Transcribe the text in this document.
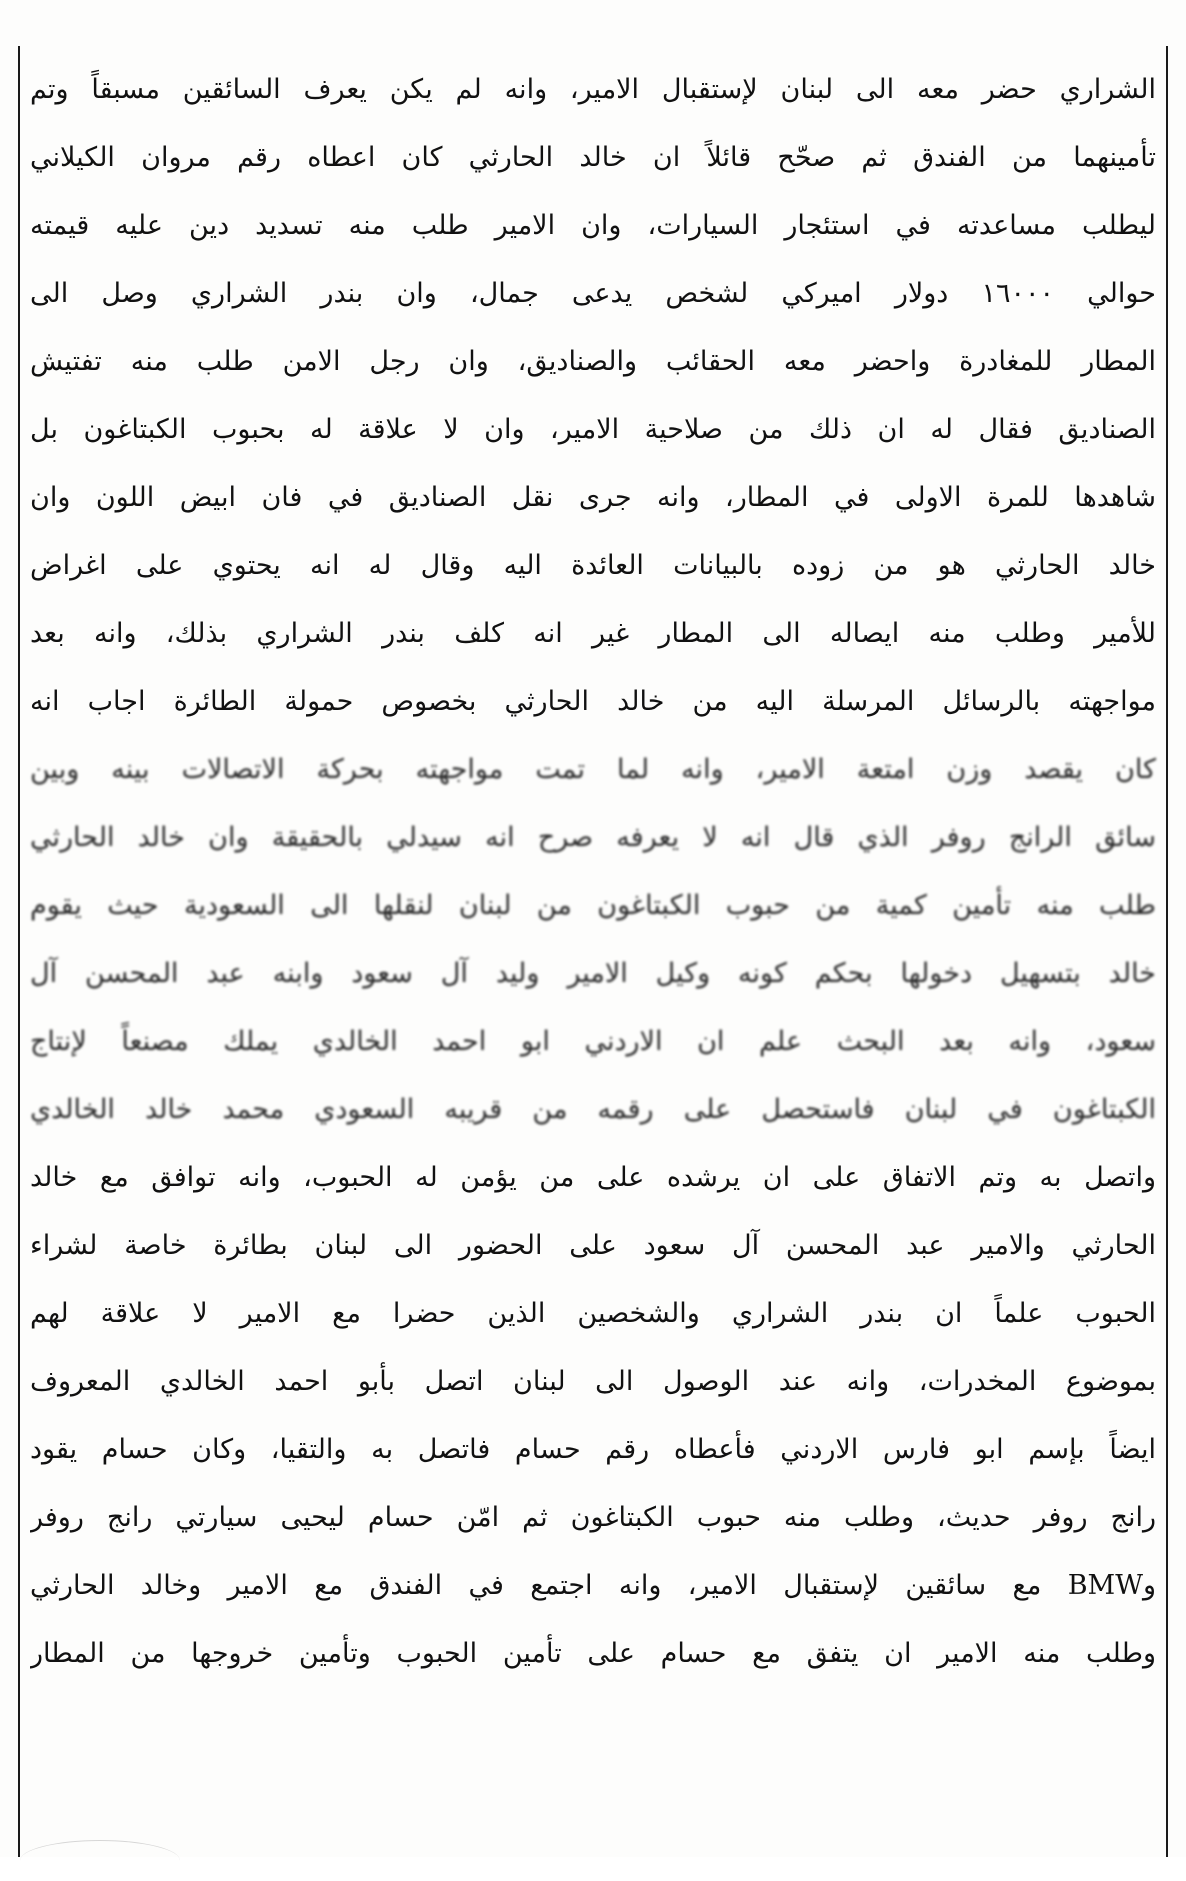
الشراري حضر معه الى لبنان لإستقبال الامير، وانه لم يكن يعرف السائقين مسبقاً وتم
تأمينهما من الفندق ثم صحّح قائلاً ان خالد الحارثي كان اعطاه رقم مروان الكيلاني
ليطلب مساعدته في استئجار السيارات، وان الامير طلب منه تسديد دين عليه قيمته
حوالي ١٦٠٠٠ دولار اميركي لشخص يدعى جمال، وان بندر الشراري وصل الى
المطار للمغادرة واحضر معه الحقائب والصناديق، وان رجل الامن طلب منه تفتيش
الصناديق فقال له ان ذلك من صلاحية الامير، وان لا علاقة له بحبوب الكبتاغون بل
شاهدها للمرة الاولى في المطار، وانه جرى نقل الصناديق في فان ابيض اللون وان
خالد الحارثي هو من زوده بالبيانات العائدة اليه وقال له انه يحتوي على اغراض
للأمير وطلب منه ايصاله الى المطار غير انه كلف بندر الشراري بذلك، وانه بعد
مواجهته بالرسائل المرسلة اليه من خالد الحارثي بخصوص حمولة الطائرة اجاب انه
كان يقصد وزن امتعة الامير، وانه لما تمت مواجهته بحركة الاتصالات بينه وبين
سائق الرانج روفر الذي قال انه لا يعرفه صرح انه سيدلي بالحقيقة وان خالد الحارثي
طلب منه تأمين كمية من حبوب الكبتاغون من لبنان لنقلها الى السعودية حيث يقوم
خالد بتسهيل دخولها بحكم كونه وكيل الامير وليد آل سعود وابنه عبد المحسن آل
سعود، وانه بعد البحث علم ان الاردني ابو احمد الخالدي يملك مصنعاً لإنتاج
الكبتاغون في لبنان فاستحصل على رقمه من قريبه السعودي محمد خالد الخالدي
واتصل به وتم الاتفاق على ان يرشده على من يؤمن له الحبوب، وانه توافق مع خالد
الحارثي والامير عبد المحسن آل سعود على الحضور الى لبنان بطائرة خاصة لشراء
الحبوب علماً ان بندر الشراري والشخصين الذين حضرا مع الامير لا علاقة لهم
بموضوع المخدرات، وانه عند الوصول الى لبنان اتصل بأبو احمد الخالدي المعروف
ايضاً بإسم ابو فارس الاردني فأعطاه رقم حسام فاتصل به والتقيا، وكان حسام يقود
رانج روفر حديث، وطلب منه حبوب الكبتاغون ثم امّن حسام ليحيى سيارتي رانج روفر
وBMW مع سائقين لإستقبال الامير، وانه اجتمع في الفندق مع الامير وخالد الحارثي
وطلب منه الامير ان يتفق مع حسام على تأمين الحبوب وتأمين خروجها من المطار
